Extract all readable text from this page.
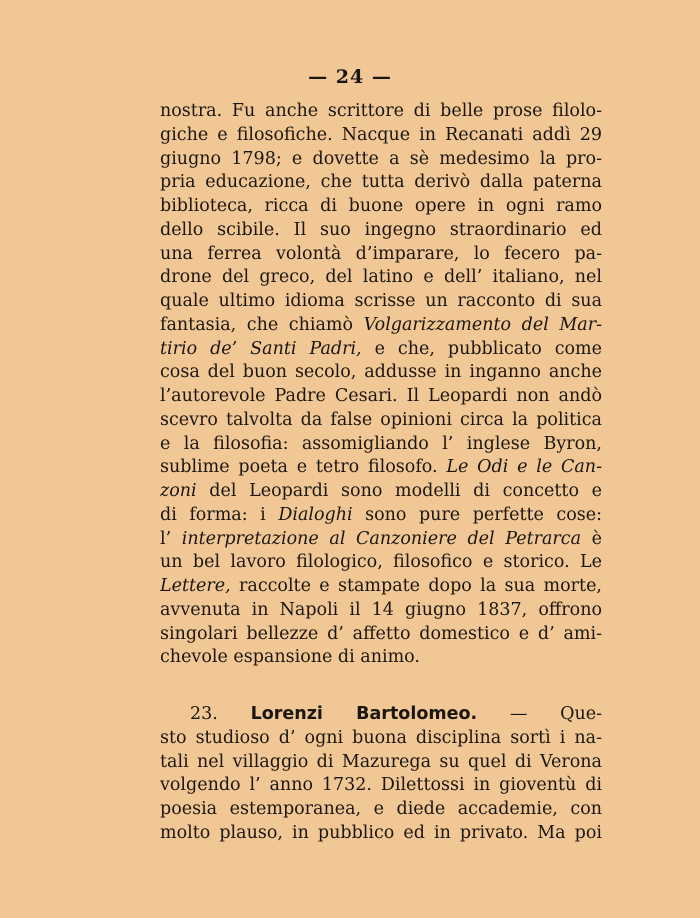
— 24 —
nostra. Fu anche scrittore di belle prose filolo-
giche e filosofiche. Nacque in Recanati addì 29
giugno 1798; e dovette a sè medesimo la pro-
pria educazione, che tutta derivò dalla paterna
biblioteca, ricca di buone opere in ogni ramo
dello scibile. Il suo ingegno straordinario ed
una ferrea volontà d’imparare, lo fecero pa-
drone del greco, del latino e dell’ italiano, nel
quale ultimo idioma scrisse un racconto di sua
fantasia, che chiamò Volgarizzamento del Mar-
tirio de’ Santi Padri, e che, pubblicato come
cosa del buon secolo, addusse in inganno anche
l’autorevole Padre Cesari. Il Leopardi non andò
scevro talvolta da false opinioni circa la politica
e la filosofia: assomigliando l’ inglese Byron,
sublime poeta e tetro filosofo. Le Odi e le Can-
zoni del Leopardi sono modelli di concetto e
di forma: i Dialoghi sono pure perfette cose:
l’ interpretazione al Canzoniere del Petrarca è
un bel lavoro filologico, filosofico e storico. Le
Lettere, raccolte e stampate dopo la sua morte,
avvenuta in Napoli il 14 giugno 1837, offrono
singolari bellezze d’ affetto domestico e d’ ami-
chevole espansione di animo.
23. Lorenzi Bartolomeo. — Que-
sto studioso d’ ogni buona disciplina sortì i na-
tali nel villaggio di Mazurega su quel di Verona
volgendo l’ anno 1732. Dilettossi in gioventù di
poesia estemporanea, e diede accademie, con
molto plauso, in pubblico ed in privato. Ma poi
